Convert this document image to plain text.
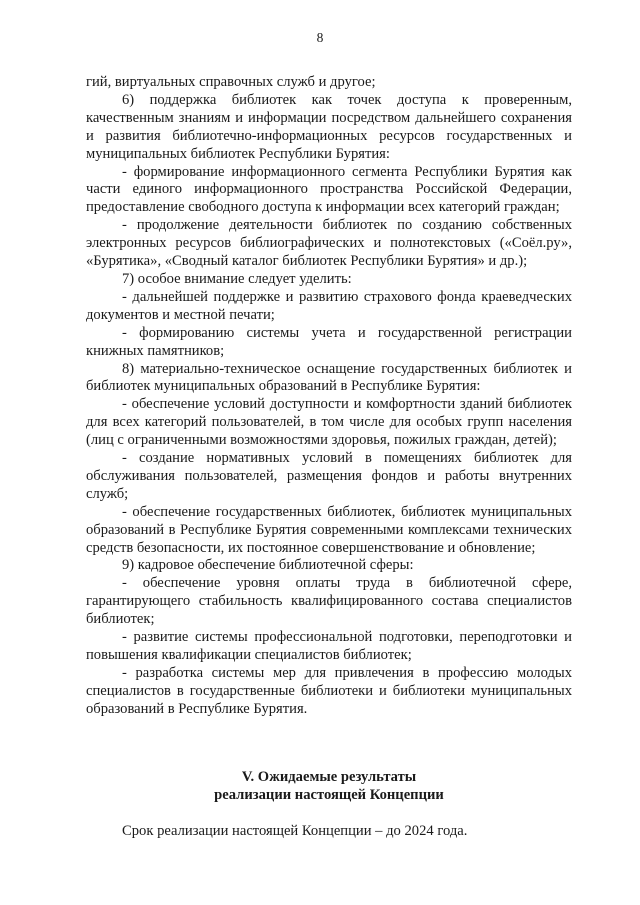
8

гий, виртуальных справочных служб и другое;

6) поддержка библиотек как точек доступа к проверенным, качественным знаниям и информации посредством дальнейшего сохранения и развития библиотечно-информационных ресурсов государственных и муниципальных библиотек Республики Бурятия:

- формирование информационного сегмента Республики Бурятия как части единого информационного пространства Российской Федерации, предоставление свободного доступа к информации всех категорий граждан;

- продолжение деятельности библиотек по созданию собственных электронных ресурсов библиографических и полнотекстовых («Соёл.ру», «Бурятика», «Сводный каталог библиотек Республики Бурятия» и др.);

7) особое внимание следует уделить:

- дальнейшей поддержке и развитию страхового фонда краеведческих документов и местной печати;

- формированию системы учета и государственной регистрации книжных памятников;

8) материально-техническое оснащение государственных библиотек и библиотек муниципальных образований в Республике Бурятия:

- обеспечение условий доступности и комфортности зданий библиотек для всех категорий пользователей, в том числе для особых групп населения (лиц с ограниченными возможностями здоровья, пожилых граждан, детей);

- создание нормативных условий в помещениях библиотек для обслуживания пользователей, размещения фондов и работы внутренних служб;

- обеспечение государственных библиотек, библиотек муниципальных образований в Республике Бурятия современными комплексами технических средств безопасности, их постоянное совершенствование и обновление;

9) кадровое обеспечение библиотечной сферы:

- обеспечение уровня оплаты труда в библиотечной сфере, гарантирующего стабильность квалифицированного состава специалистов библиотек;

- развитие системы профессиональной подготовки, переподготовки и повышения квалификации специалистов библиотек;

- разработка системы мер для привлечения в профессию молодых специалистов в государственные библиотеки и библиотеки муниципальных образований в Республике Бурятия.

V. Ожидаемые результаты
реализации настоящей Концепции
Срок реализации настоящей Концепции – до 2024 года.
